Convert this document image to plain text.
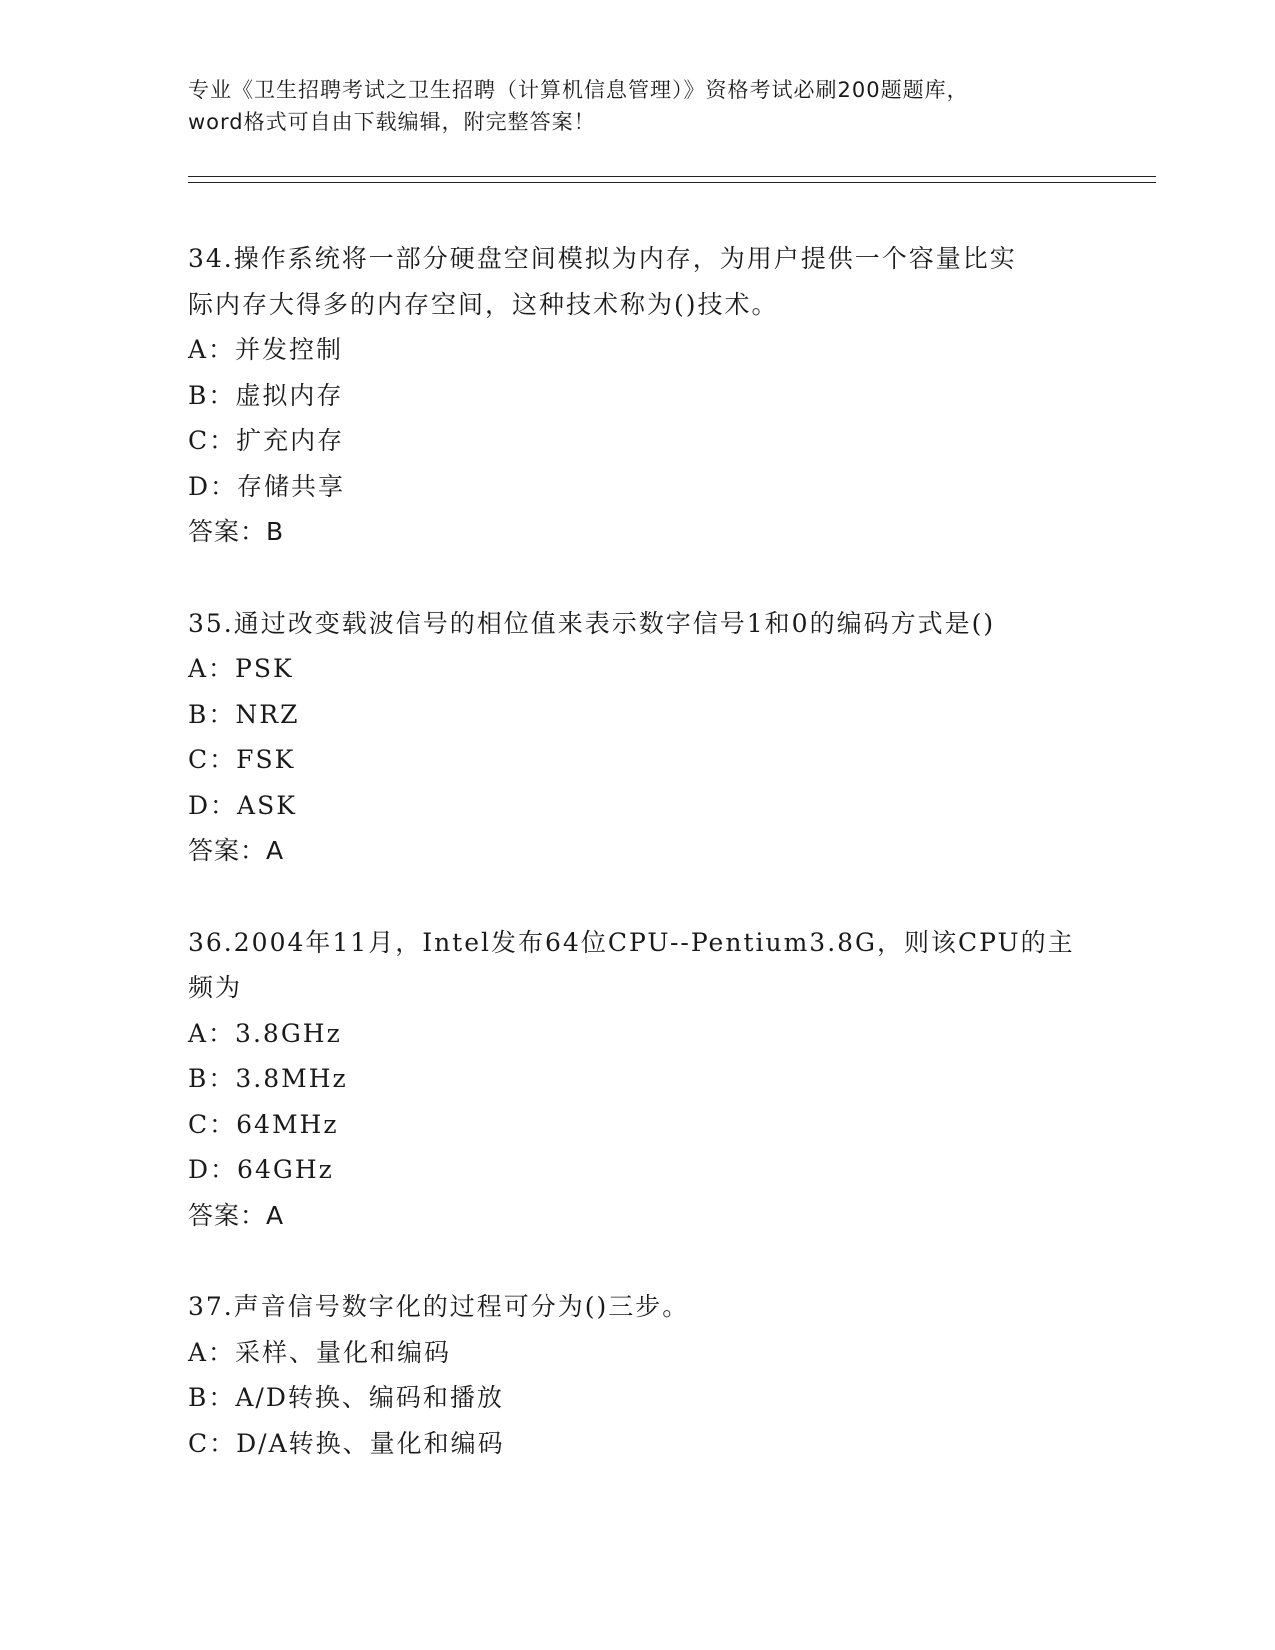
专业《卫生招聘考试之卫生招聘（计算机信息管理）》资格考试必刷200题题库，
word格式可自由下载编辑，附完整答案！
34.操作系统将一部分硬盘空间模拟为内存，为用户提供一个容量比实
际内存大得多的内存空间，这种技术称为()技术。
A：并发控制
B：虚拟内存
C：扩充内存
D：存储共享
答案：B
35.通过改变载波信号的相位值来表示数字信号1和0的编码方式是()
A：PSK
B：NRZ
C：FSK
D：ASK
答案：A
36.2004年11月，Intel发布64位CPU--Pentium3.8G，则该CPU的主
频为
A：3.8GHz
B：3.8MHz
C：64MHz
D：64GHz
答案：A
37.声音信号数字化的过程可分为()三步。
A：采样、量化和编码
B：A/D转换、编码和播放
C：D/A转换、量化和编码
